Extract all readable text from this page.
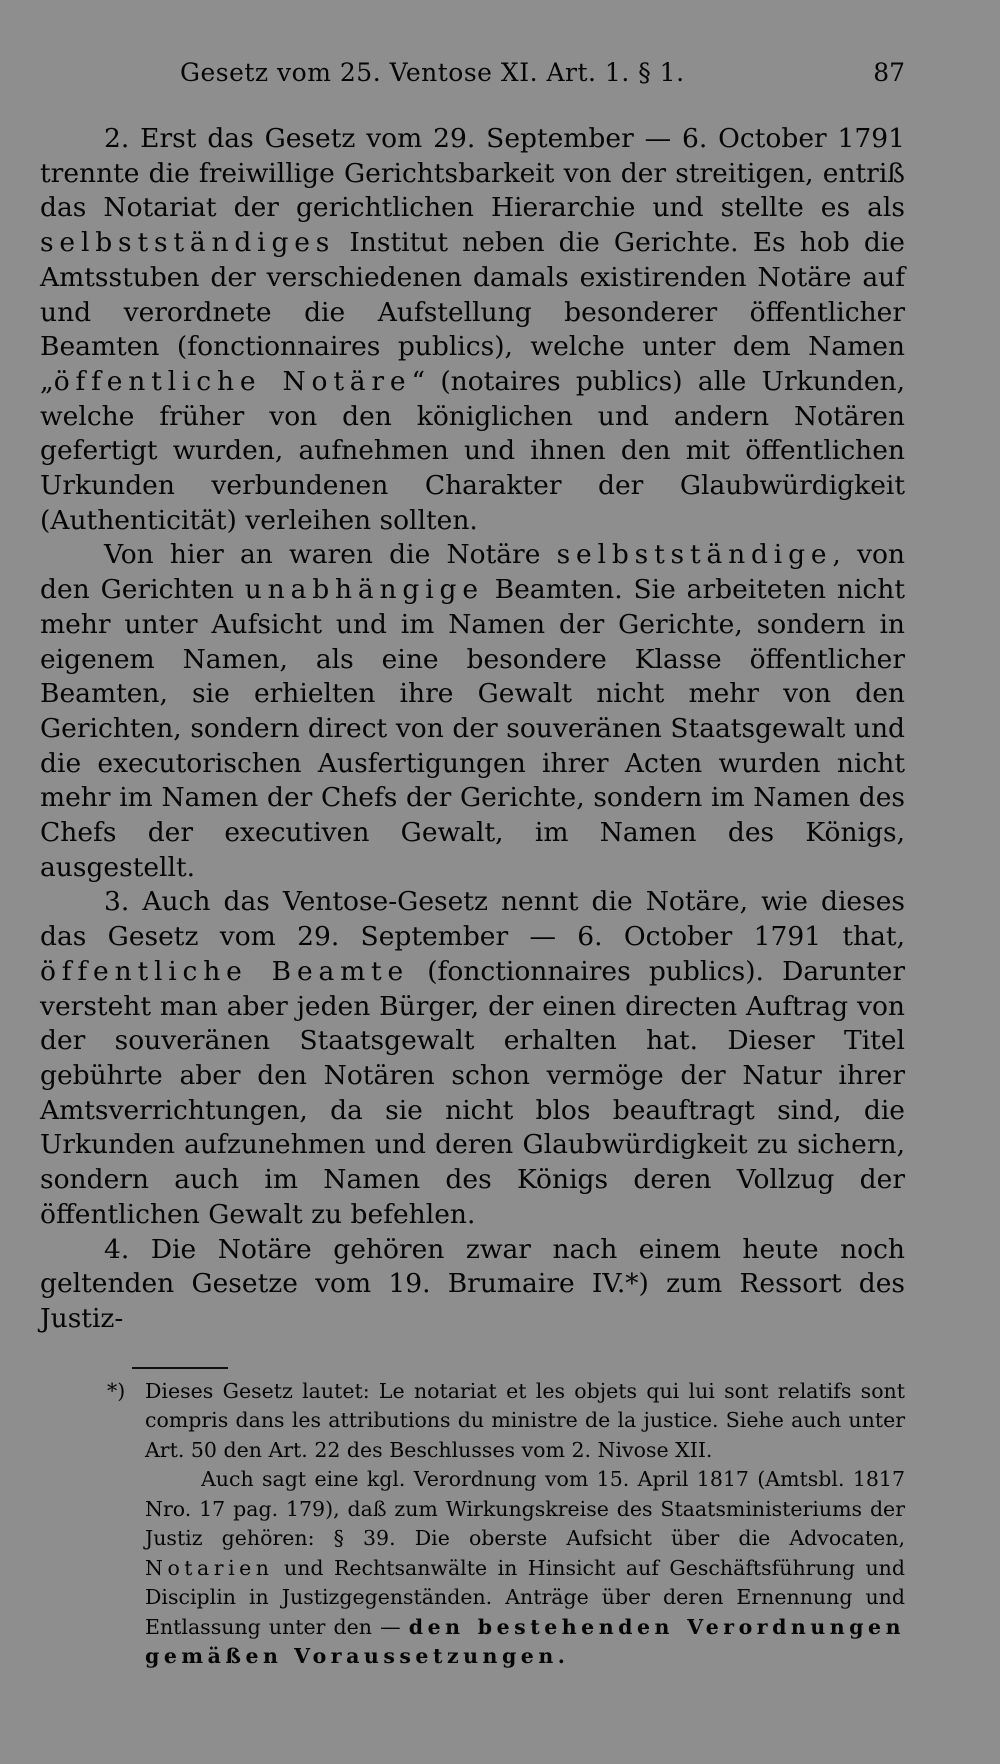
Gesetz vom 25. Ventose XI. Art. 1. § 1.	87

2. Erst das Gesetz vom 29. September — 6. October 1791 trennte die freiwillige Gerichtsbarkeit von der streitigen, entriß das Notariat der gerichtlichen Hierarchie und stellte es als selbstständiges Institut neben die Gerichte. Es hob die Amtsstuben der verschiedenen damals existirenden Notäre auf und verordnete die Aufstellung besonderer öffentlicher Beamten (fonctionnaires publics), welche unter dem Namen „öffentliche Notäre“ (notaires publics) alle Urkunden, welche früher von den königlichen und andern Notären gefertigt wurden, aufnehmen und ihnen den mit öffentlichen Urkunden verbundenen Charakter der Glaubwürdigkeit (Authenticität) verleihen sollten.

Von hier an waren die Notäre selbstständige, von den Gerichten unabhängige Beamten. Sie arbeiteten nicht mehr unter Aufsicht und im Namen der Gerichte, sondern in eigenem Namen, als eine besondere Klasse öffentlicher Beamten, sie erhielten ihre Gewalt nicht mehr von den Gerichten, sondern direct von der souveränen Staatsgewalt und die executorischen Ausfertigungen ihrer Acten wurden nicht mehr im Namen der Chefs der Gerichte, sondern im Namen des Chefs der executiven Gewalt, im Namen des Königs, ausgestellt.

3. Auch das Ventose-Gesetz nennt die Notäre, wie dieses das Gesetz vom 29. September — 6. October 1791 that, öffentliche Beamte (fonctionnaires publics). Darunter versteht man aber jeden Bürger, der einen directen Auftrag von der souveränen Staatsgewalt erhalten hat. Dieser Titel gebührte aber den Notären schon vermöge der Natur ihrer Amtsverrichtungen, da sie nicht blos beauftragt sind, die Urkunden aufzunehmen und deren Glaubwürdigkeit zu sichern, sondern auch im Namen des Königs deren Vollzug der öffentlichen Gewalt zu befehlen.

4. Die Notäre gehören zwar nach einem heute noch geltenden Gesetze vom 19. Brumaire IV.*) zum Ressort des Justiz-

*) Dieses Gesetz lautet: Le notariat et les objets qui lui sont relatifs sont compris dans les attributions du ministre de la justice. Siehe auch unter Art. 50 den Art. 22 des Beschlusses vom 2. Nivose XII.

Auch sagt eine kgl. Verordnung vom 15. April 1817 (Amtsbl. 1817 Nro. 17 pag. 179), daß zum Wirkungskreise des Staatsministeriums der Justiz gehören: § 39. Die oberste Aufsicht über die Advocaten, Notarien und Rechtsanwälte in Hinsicht auf Geschäftsführung und Disciplin in Justizgegenständen. Anträge über deren Ernennung und Entlassung unter den — den bestehenden Verordnungen gemäßen Voraussetzungen.
